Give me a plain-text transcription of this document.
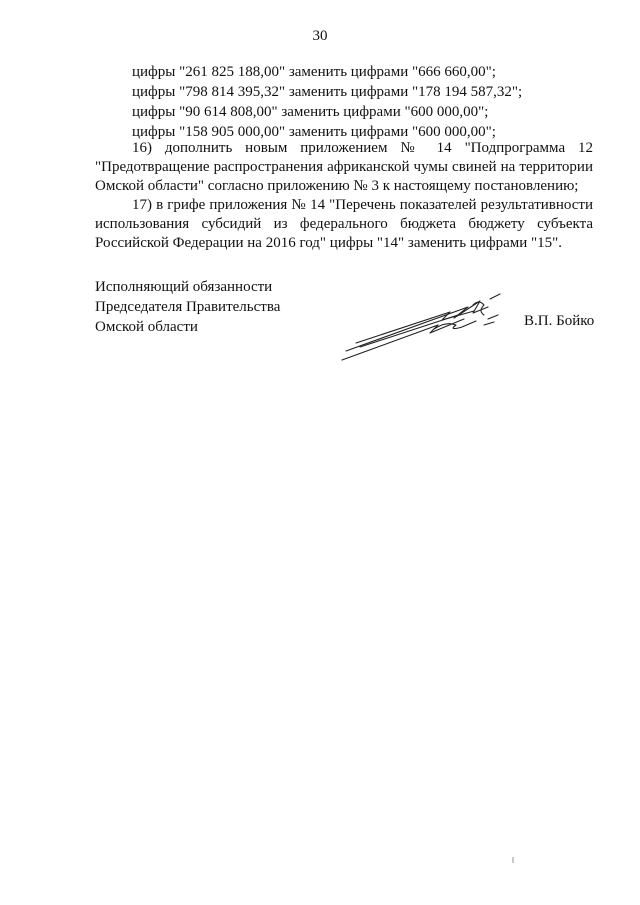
30
цифры "261 825 188,00" заменить цифрами "666 660,00";
цифры "798 814 395,32" заменить цифрами "178 194 587,32";
цифры "90 614 808,00" заменить цифрами "600 000,00";
цифры "158 905 000,00" заменить цифрами "600 000,00";
16) дополнить новым приложением № 14 "Подпрограмма 12
"Предотвращение распространения африканской чумы свиней на территории
Омской области" согласно приложению № 3 к настоящему постановлению;
17) в грифе приложения № 14 "Перечень показателей результативности
использования субсидий из федерального бюджета бюджету субъекта
Российской Федерации на 2016 год" цифры "14" заменить цифрами "15".
Исполняющий обязанности
Председателя Правительства
Омской области	В.П. Бойко
